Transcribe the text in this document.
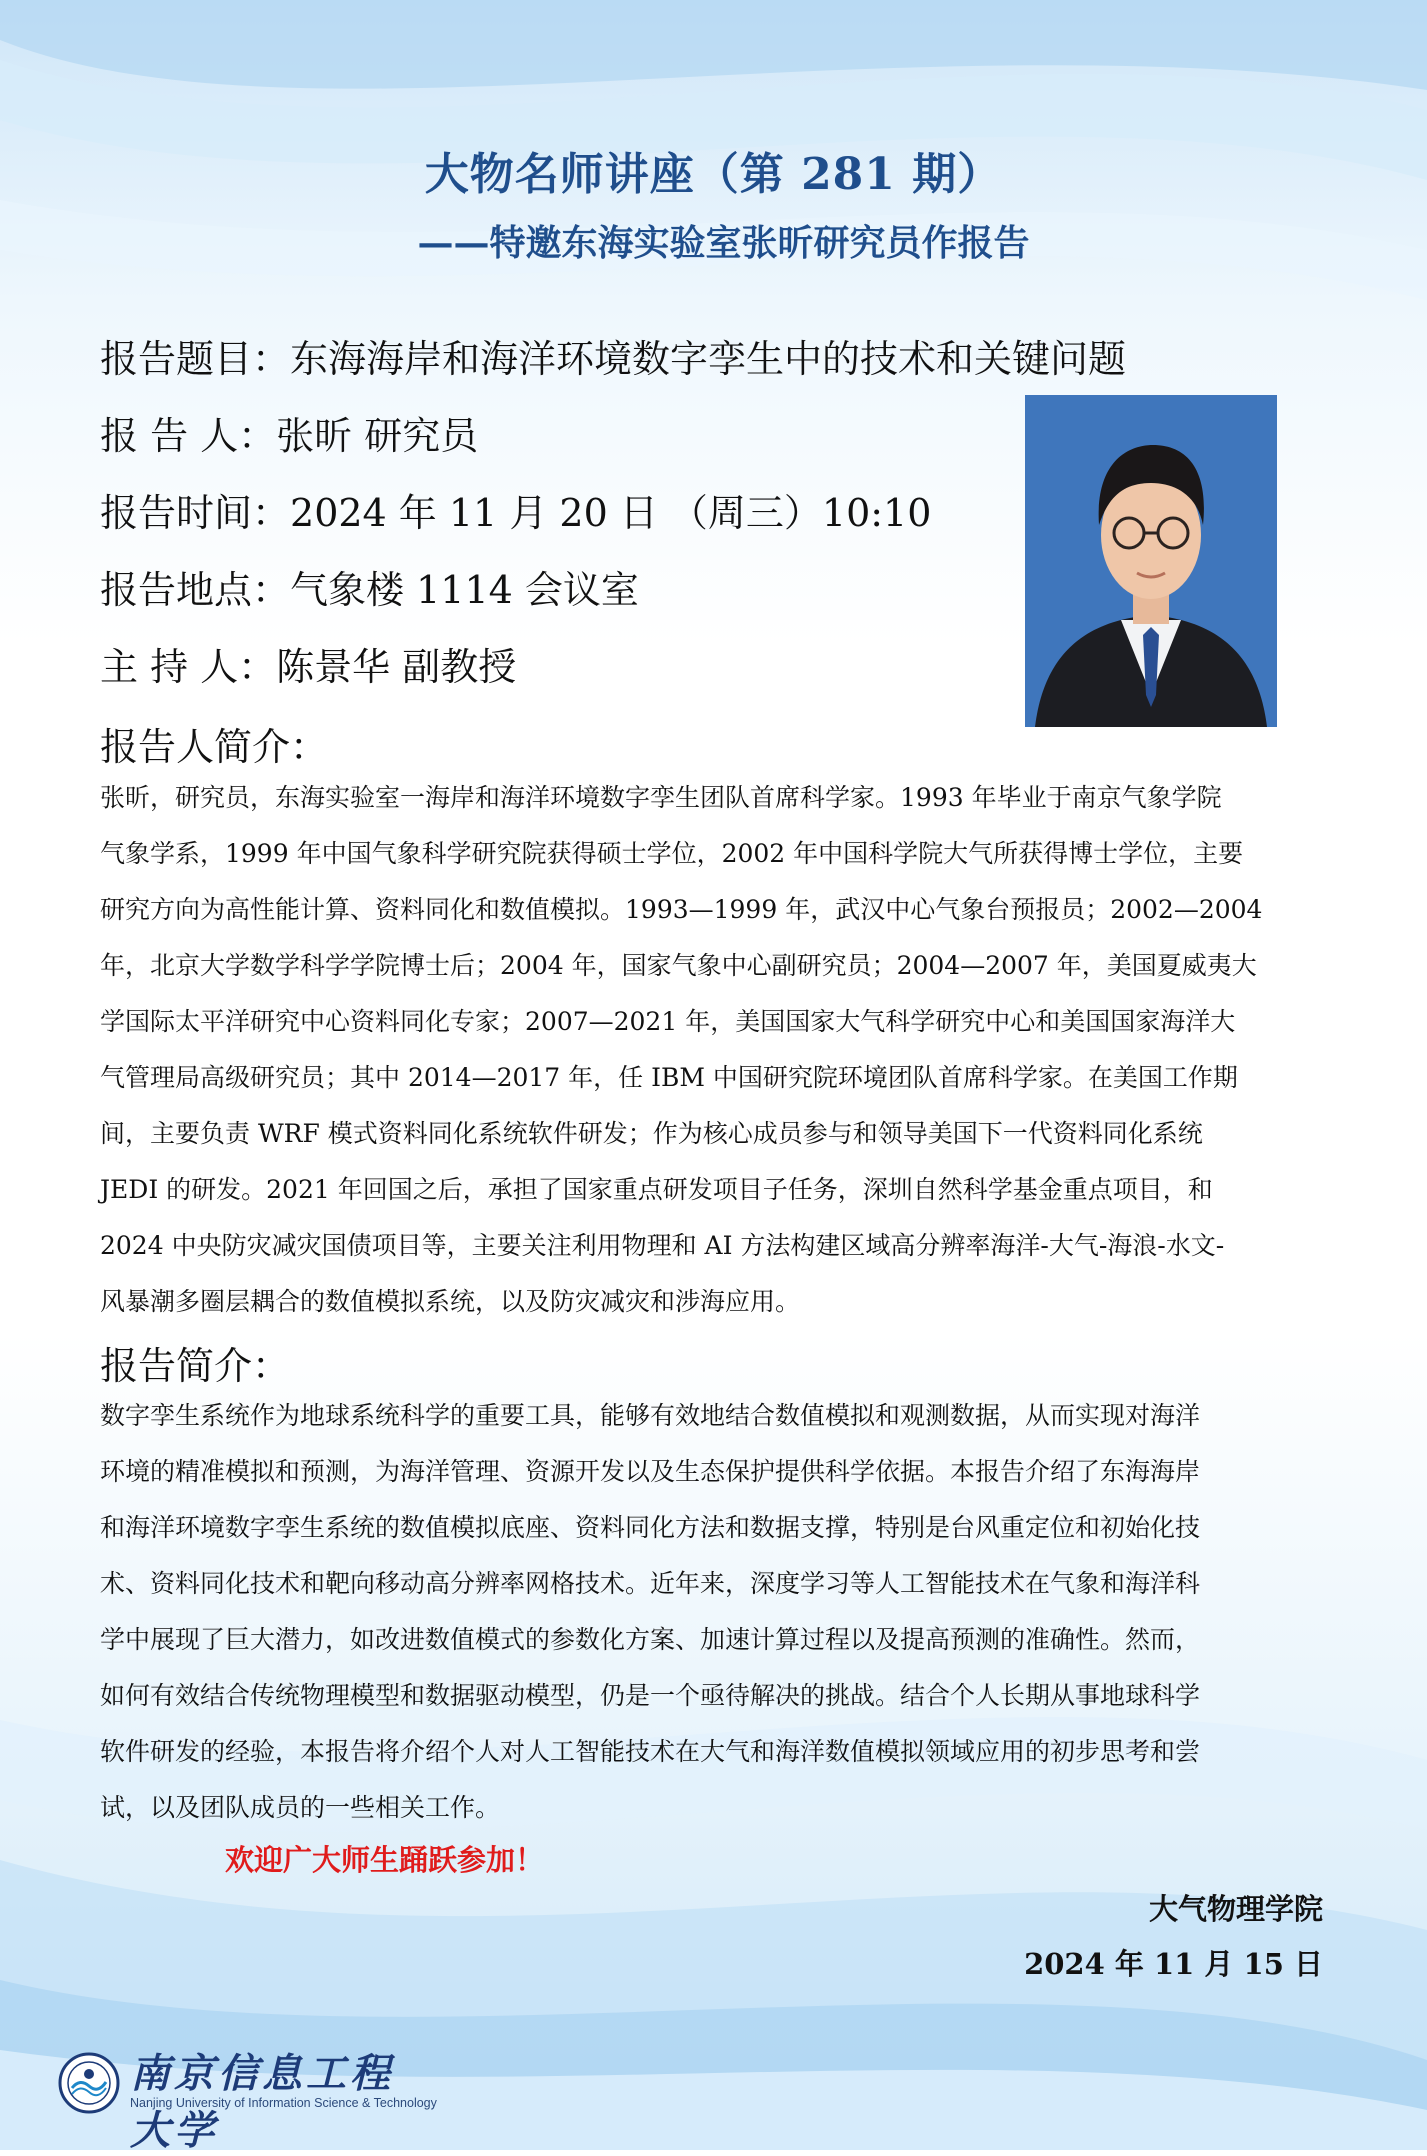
大物名师讲座（第 281 期）
——特邀东海实验室张昕研究员作报告
报告题目：东海海岸和海洋环境数字孪生中的技术和关键问题
报 告 人：张昕 研究员
报告时间：2024 年 11 月 20 日 （周三）10:10
报告地点：气象楼 1114 会议室
主 持 人：陈景华 副教授
报告人简介：
张昕，研究员，东海实验室一海岸和海洋环境数字孪生团队首席科学家。1993 年毕业于南京气象学院
气象学系，1999 年中国气象科学研究院获得硕士学位，2002 年中国科学院大气所获得博士学位，主要
研究方向为高性能计算、资料同化和数值模拟。1993—1999 年，武汉中心气象台预报员；2002—2004
年，北京大学数学科学学院博士后；2004 年，国家气象中心副研究员；2004—2007 年，美国夏威夷大
学国际太平洋研究中心资料同化专家；2007—2021 年，美国国家大气科学研究中心和美国国家海洋大
气管理局高级研究员；其中 2014—2017 年，任 IBM 中国研究院环境团队首席科学家。在美国工作期
间，主要负责 WRF 模式资料同化系统软件研发；作为核心成员参与和领导美国下一代资料同化系统
JEDI 的研发。2021 年回国之后，承担了国家重点研发项目子任务，深圳自然科学基金重点项目，和
2024 中央防灾减灾国债项目等，主要关注利用物理和 AI 方法构建区域高分辨率海洋-大气-海浪-水文-
风暴潮多圈层耦合的数值模拟系统，以及防灾减灾和涉海应用。
报告简介：
数字孪生系统作为地球系统科学的重要工具，能够有效地结合数值模拟和观测数据，从而实现对海洋
环境的精准模拟和预测，为海洋管理、资源开发以及生态保护提供科学依据。本报告介绍了东海海岸
和海洋环境数字孪生系统的数值模拟底座、资料同化方法和数据支撑，特别是台风重定位和初始化技
术、资料同化技术和靶向移动高分辨率网格技术。近年来，深度学习等人工智能技术在气象和海洋科
学中展现了巨大潜力，如改进数值模式的参数化方案、加速计算过程以及提高预测的准确性。然而，
如何有效结合传统物理模型和数据驱动模型，仍是一个亟待解决的挑战。结合个人长期从事地球科学
软件研发的经验，本报告将介绍个人对人工智能技术在大气和海洋数值模拟领域应用的初步思考和尝
试，以及团队成员的一些相关工作。
欢迎广大师生踊跃参加！
大气物理学院
2024 年 11 月 15 日
南京信息工程大学
Nanjing University of Information Science & Technology
